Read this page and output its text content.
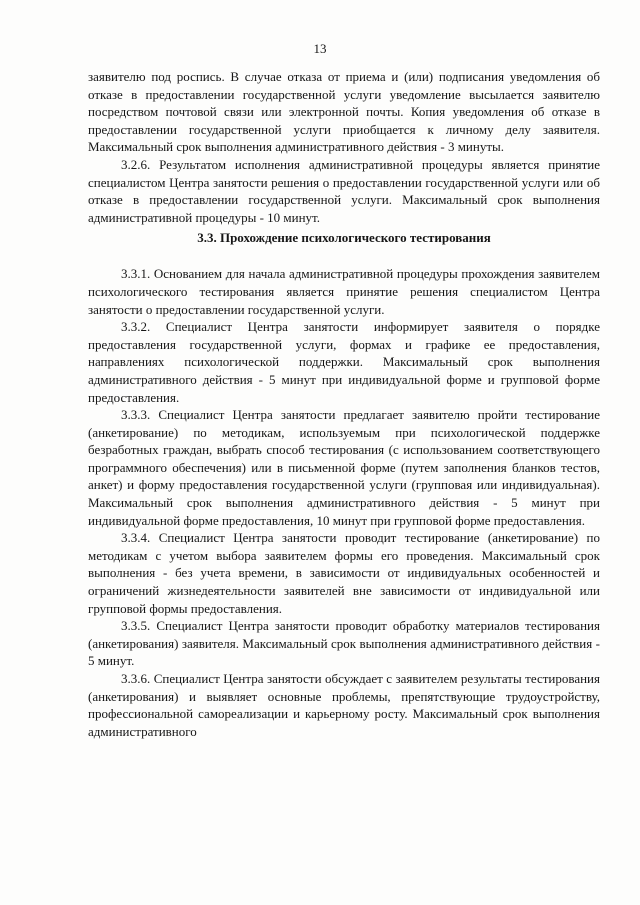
13

заявителю под роспись. В случае отказа от приема и (или) подписания уведомления об отказе в предоставлении государственной услуги уведомление высылается заявителю посредством почтовой связи или электронной почты. Копия уведомления об отказе в предоставлении государственной услуги приобщается к личному делу заявителя. Максимальный срок выполнения административного действия - 3 минуты.

3.2.6. Результатом исполнения административной процедуры является принятие специалистом Центра занятости решения о предоставлении государственной услуги или об отказе в предоставлении государственной услуги. Максимальный срок выполнения административной процедуры - 10 минут.

3.3. Прохождение психологического тестирования

3.3.1. Основанием для начала административной процедуры прохождения заявителем психологического тестирования является принятие решения специалистом Центра занятости о предоставлении государственной услуги.

3.3.2. Специалист Центра занятости информирует заявителя о порядке предоставления государственной услуги, формах и графике ее предоставления, направлениях психологической поддержки. Максимальный срок выполнения административного действия - 5 минут при индивидуальной форме и групповой форме предоставления.

3.3.3. Специалист Центра занятости предлагает заявителю пройти тестирование (анкетирование) по методикам, используемым при психологической поддержке безработных граждан, выбрать способ тестирования (с использованием соответствующего программного обеспечения) или в письменной форме (путем заполнения бланков тестов, анкет) и форму предоставления государственной услуги (групповая или индивидуальная). Максимальный срок выполнения административного действия - 5 минут при индивидуальной форме предоставления, 10 минут при групповой форме предоставления.

3.3.4. Специалист Центра занятости проводит тестирование (анкетирование) по методикам с учетом выбора заявителем формы его проведения. Максимальный срок выполнения - без учета времени, в зависимости от индивидуальных особенностей и ограничений жизнедеятельности заявителей вне зависимости от индивидуальной или групповой формы предоставления.

3.3.5. Специалист Центра занятости проводит обработку материалов тестирования (анкетирования) заявителя. Максимальный срок выполнения административного действия - 5 минут.

3.3.6. Специалист Центра занятости обсуждает с заявителем результаты тестирования (анкетирования) и выявляет основные проблемы, препятствующие трудоустройству, профессиональной самореализации и карьерному росту. Максимальный срок выполнения административного
